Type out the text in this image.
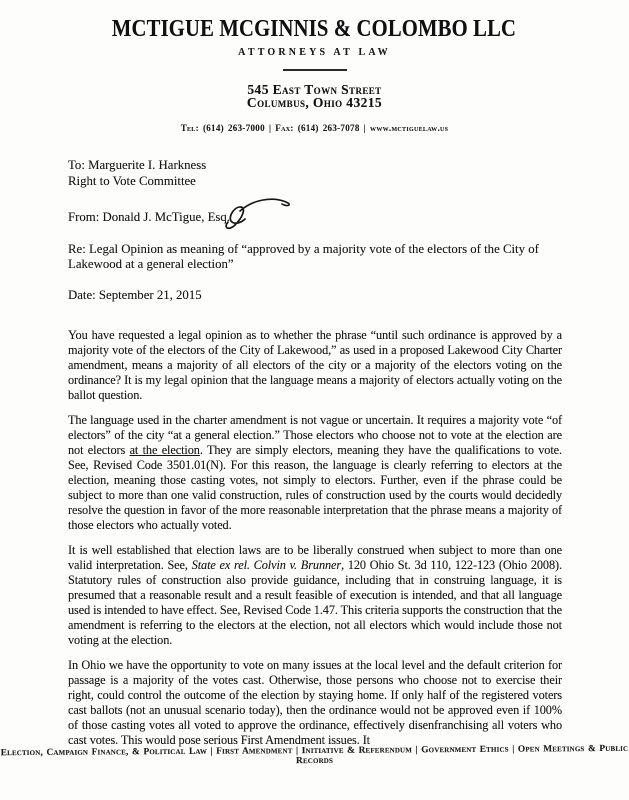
MCTIGUE MCGINNIS & COLOMBO LLC
ATTORNEYS AT LAW
545 East Town Street
Columbus, Ohio 43215
Tel: (614) 263-7000 | Fax: (614) 263-7078 | www.mctiguelaw.us

To: Marguerite I. Harkness

Right to Vote Committee

From: Donald J. McTigue, Esq.

Re: Legal Opinion as meaning of “approved by a majority vote of the electors of the City of Lakewood at a general election”

Date: September 21, 2015

You have requested a legal opinion as to whether the phrase “until such ordinance is approved by a majority vote of the electors of the City of Lakewood,” as used in a proposed Lakewood City Charter amendment, means a majority of all electors of the city or a majority of the electors voting on the ordinance? It is my legal opinion that the language means a majority of electors actually voting on the ballot question.

The language used in the charter amendment is not vague or uncertain. It requires a majority vote “of electors” of the city “at a general election.” Those electors who choose not to vote at the election are not electors at the election. They are simply electors, meaning they have the qualifications to vote. See, Revised Code 3501.01(N). For this reason, the language is clearly referring to electors at the election, meaning those casting votes, not simply to electors. Further, even if the phrase could be subject to more than one valid construction, rules of construction used by the courts would decidedly resolve the question in favor of the more reasonable interpretation that the phrase means a majority of those electors who actually voted.

It is well established that election laws are to be liberally construed when subject to more than one valid interpretation. See, State ex rel. Colvin v. Brunner, 120 Ohio St. 3d 110, 122-123 (Ohio 2008). Statutory rules of construction also provide guidance, including that in construing language, it is presumed that a reasonable result and a result feasible of execution is intended, and that all language used is intended to have effect. See, Revised Code 1.47. This criteria supports the construction that the amendment is referring to the electors at the election, not all electors which would include those not voting at the election.

In Ohio we have the opportunity to vote on many issues at the local level and the default criterion for passage is a majority of the votes cast. Otherwise, those persons who choose not to exercise their right, could control the outcome of the election by staying home. If only half of the registered voters cast ballots (not an unusual scenario today), then the ordinance would not be approved even if 100% of those casting votes all voted to approve the ordinance, effectively disenfranchising all voters who cast votes. This would pose serious First Amendment issues. It

Election, Campaign Finance, & Political Law | First Amendment | Initiative & Referendum | Government Ethics | Open Meetings & Public Records
